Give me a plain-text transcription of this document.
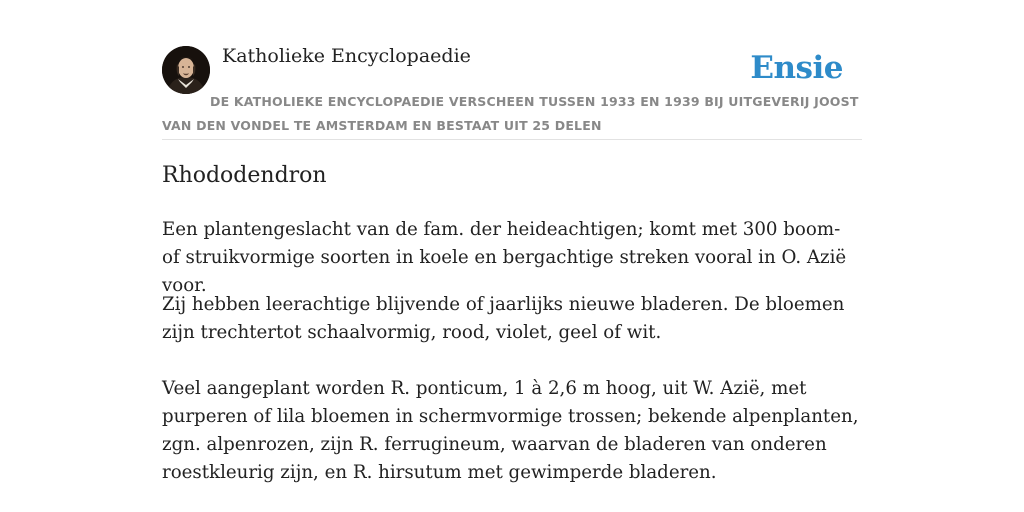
Katholieke Encyclopaedie	Ensie
DE KATHOLIEKE ENCYCLOPAEDIE VERSCHEEN TUSSEN 1933 EN 1939 BIJ UITGEVERIJ JOOST VAN DEN VONDEL TE AMSTERDAM EN BESTAAT UIT 25 DELEN
Rhododendron

Een plantengeslacht van de fam. der heideachtigen; komt met 300 boom- of struikvormige soorten in koele en bergachtige streken vooral in O. Azië voor.

Zij hebben leerachtige blijvende of jaarlijks nieuwe bladeren. De bloemen zijn trechtertot schaalvormig, rood, violet, geel of wit.

Veel aangeplant worden R. ponticum, 1 à 2,6 m hoog, uit W. Azië, met purperen of lila bloemen in schermvormige trossen; bekende alpenplanten, zgn. alpenrozen, zijn R. ferrugineum, waarvan de bladeren van onderen roestkleurig zijn, en R. hirsutum met gewimperde bladeren.
